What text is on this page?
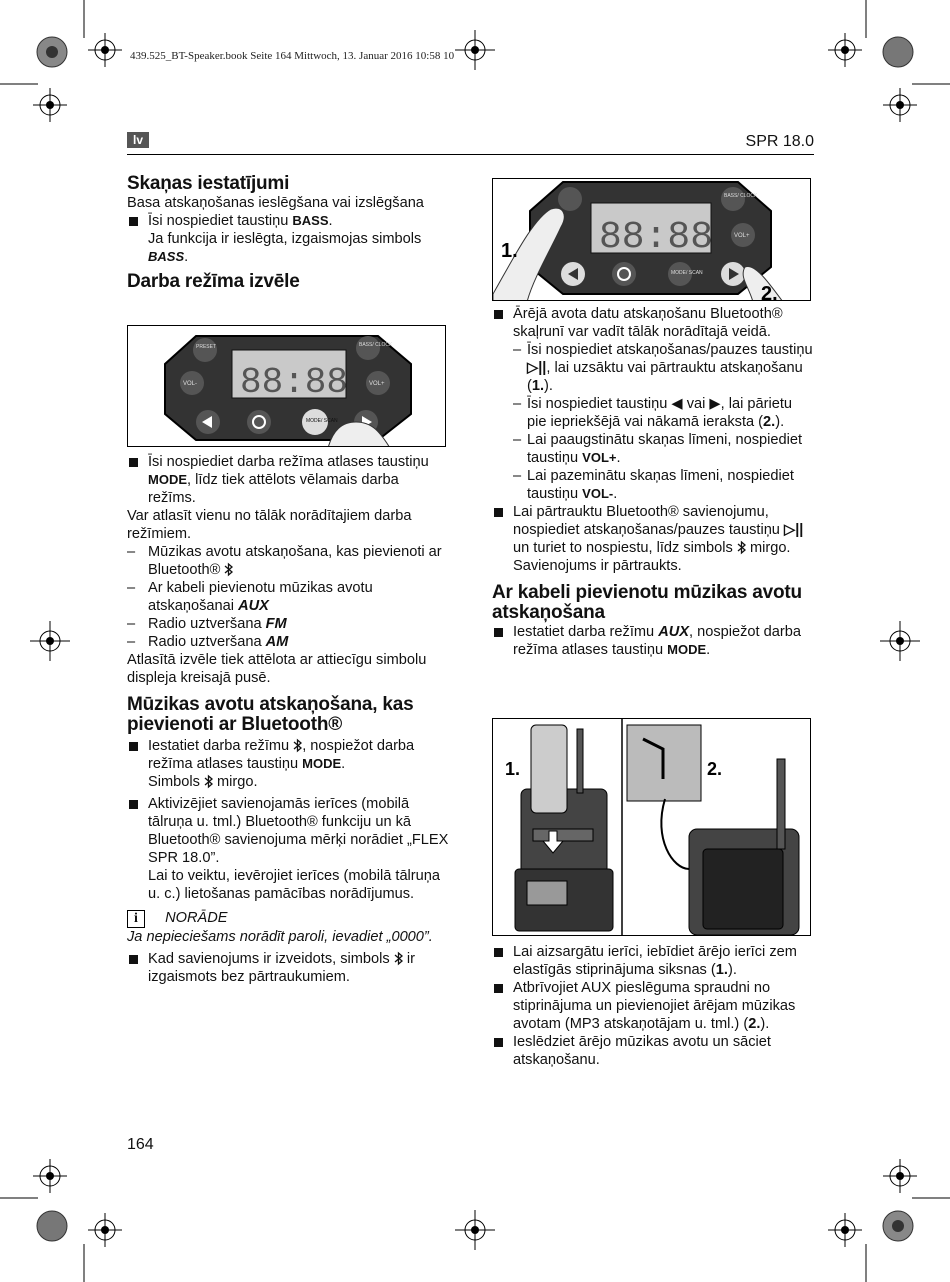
439.525_BT-Speaker.book Seite 164 Mittwoch, 13. Januar 2016 10:58 10
lv	SPR 18.0
Skaņas iestatījumi

Basa atskaņošanas ieslēgšana vai izslēgšana

Īsi nospiediet taustiņu BASS.
Ja funkcija ir ieslēgta, izgaismojas simbols BASS.
Darba režīma izvēle
88:88
PRESET	BASS/ CLOCK
VOL-	VOL+
MODE/ SCAN
Īsi nospiediet darba režīma atlases taustiņu MODE, līdz tiek attēlots vēlamais darba režīms.

Var atlasīt vienu no tālāk norādītajiem darba režīmiem.

– Mūzikas avotu atskaņošana, kas pievienoti ar Bluetooth®
– Ar kabeli pievienotu mūzikas avotu atskaņošanai AUX
– Radio uztveršana FM
– Radio uztveršana AM

Atlasītā izvēle tiek attēlota ar attiecīgu simbolu displeja kreisajā pusē.

Mūzikas avotu atskaņošana, kas pievienoti ar Bluetooth®
Iestatiet darba režīmu , nospiežot darba režīma atlases taustiņu MODE.
Simbols  mirgo.
Aktivizējiet savienojamās ierīces (mobilā tālruņa u. tml.) Bluetooth® funkciju un kā Bluetooth® savienojuma mērķi norādiet „FLEX SPR 18.0”.
Lai to veiktu, ievērojiet ierīces (mobilā tālruņa u. c.) lietošanas pamācības norādījumus.
i NORĀDE

Ja nepieciešams norādīt paroli, ievadiet „0000”.

Kad savienojums ir izveidots, simbols  ir izgaismots bez pārtraukumiem.
88:88	VOL+
BASS/ CLOCK
MODE/ SCAN
1.
2.
Ārējā avota datu atskaņošanu Bluetooth® skaļrunī var vadīt tālāk norādītajā veidā.
– Īsi nospiediet atskaņošanas/pauzes taustiņu ▷||, lai uzsāktu vai pārtrauktu atskaņošanu (1.).
– Īsi nospiediet taustiņu ◀ vai ▶, lai pārietu pie iepriekšējā vai nākamā ieraksta (2.).
– Lai paaugstinātu skaņas līmeni, nospiediet taustiņu VOL+.
– Lai pazeminātu skaņas līmeni, nospiediet taustiņu VOL-.
Lai pārtrauktu Bluetooth® savienojumu, nospiediet atskaņošanas/pauzes taustiņu ▷|| un turiet to nospiestu, līdz simbols  mirgo. Savienojums ir pārtraukts.
Ar kabeli pievienotu mūzikas avotu atskaņošana
Iestatiet darba režīmu AUX, nospiežot darba režīma atlases taustiņu MODE.
1.	2.
Lai aizsargātu ierīci, iebīdiet ārējo ierīci zem elastīgās stiprinājuma siksnas (1.).
Atbrīvojiet AUX pieslēguma spraudni no stiprinājuma un pievienojiet ārējam mūzikas avotam (MP3 atskaņotājam u. tml.) (2.).
Ieslēdziet ārējo mūzikas avotu un sāciet atskaņošanu.
164
